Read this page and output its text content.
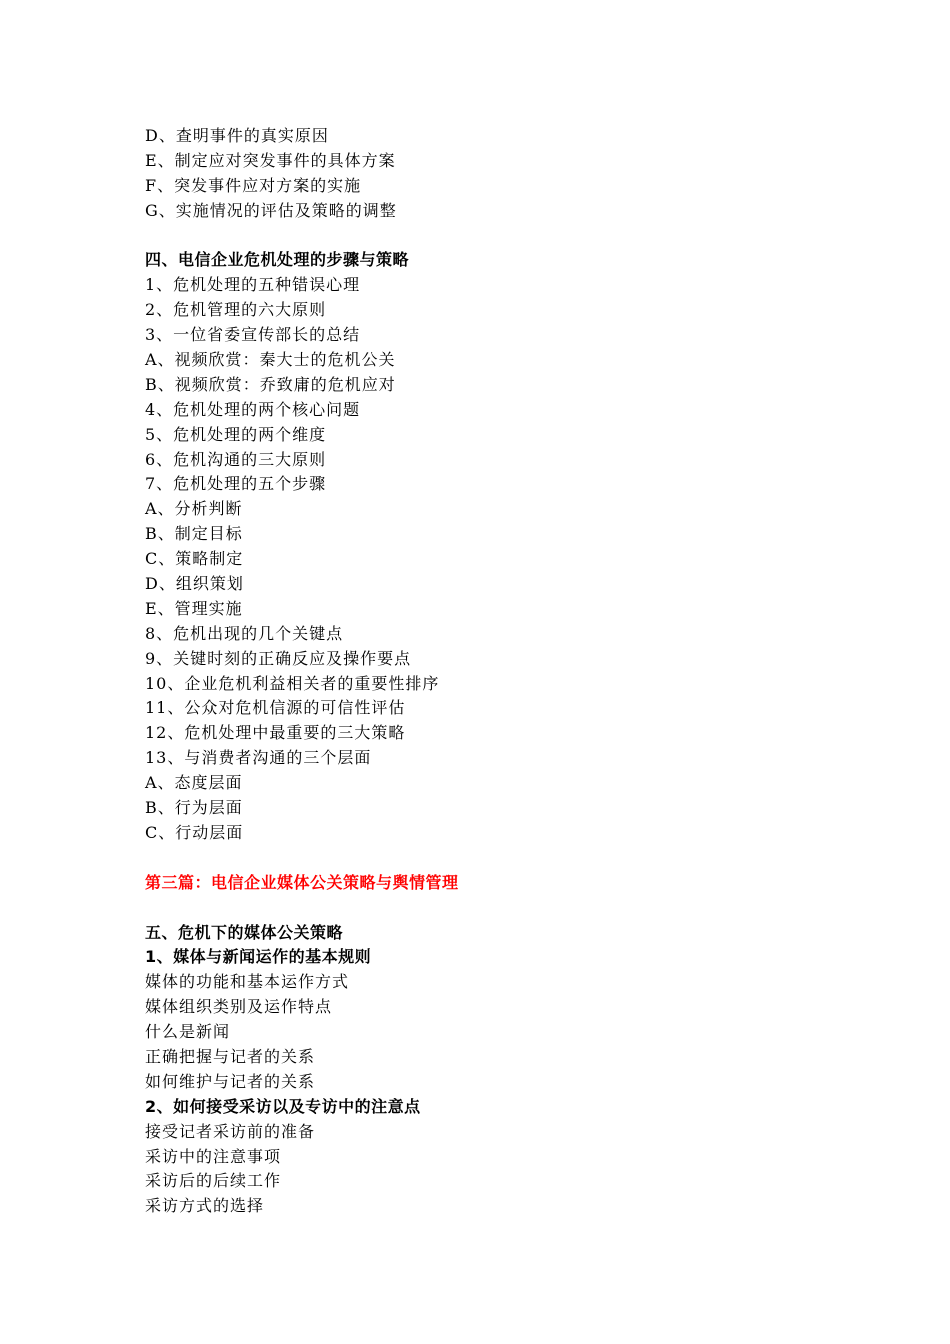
D、查明事件的真实原因
E、制定应对突发事件的具体方案
F、突发事件应对方案的实施
G、实施情况的评估及策略的调整
四、电信企业危机处理的步骤与策略
1、危机处理的五种错误心理
2、危机管理的六大原则
3、一位省委宣传部长的总结
A、视频欣赏：秦大士的危机公关
B、视频欣赏：乔致庸的危机应对
4、危机处理的两个核心问题
5、危机处理的两个维度
6、危机沟通的三大原则
7、危机处理的五个步骤
A、分析判断
B、制定目标
C、策略制定
D、组织策划
E、管理实施
8、危机出现的几个关键点
9、关键时刻的正确反应及操作要点
10、企业危机利益相关者的重要性排序
11、公众对危机信源的可信性评估
12、危机处理中最重要的三大策略
13、与消费者沟通的三个层面
A、态度层面
B、行为层面
C、行动层面
第三篇：电信企业媒体公关策略与舆情管理
五、危机下的媒体公关策略
1、媒体与新闻运作的基本规则
媒体的功能和基本运作方式
媒体组织类别及运作特点
什么是新闻
正确把握与记者的关系
如何维护与记者的关系
2、如何接受采访以及专访中的注意点
接受记者采访前的准备
采访中的注意事项
采访后的后续工作
采访方式的选择
